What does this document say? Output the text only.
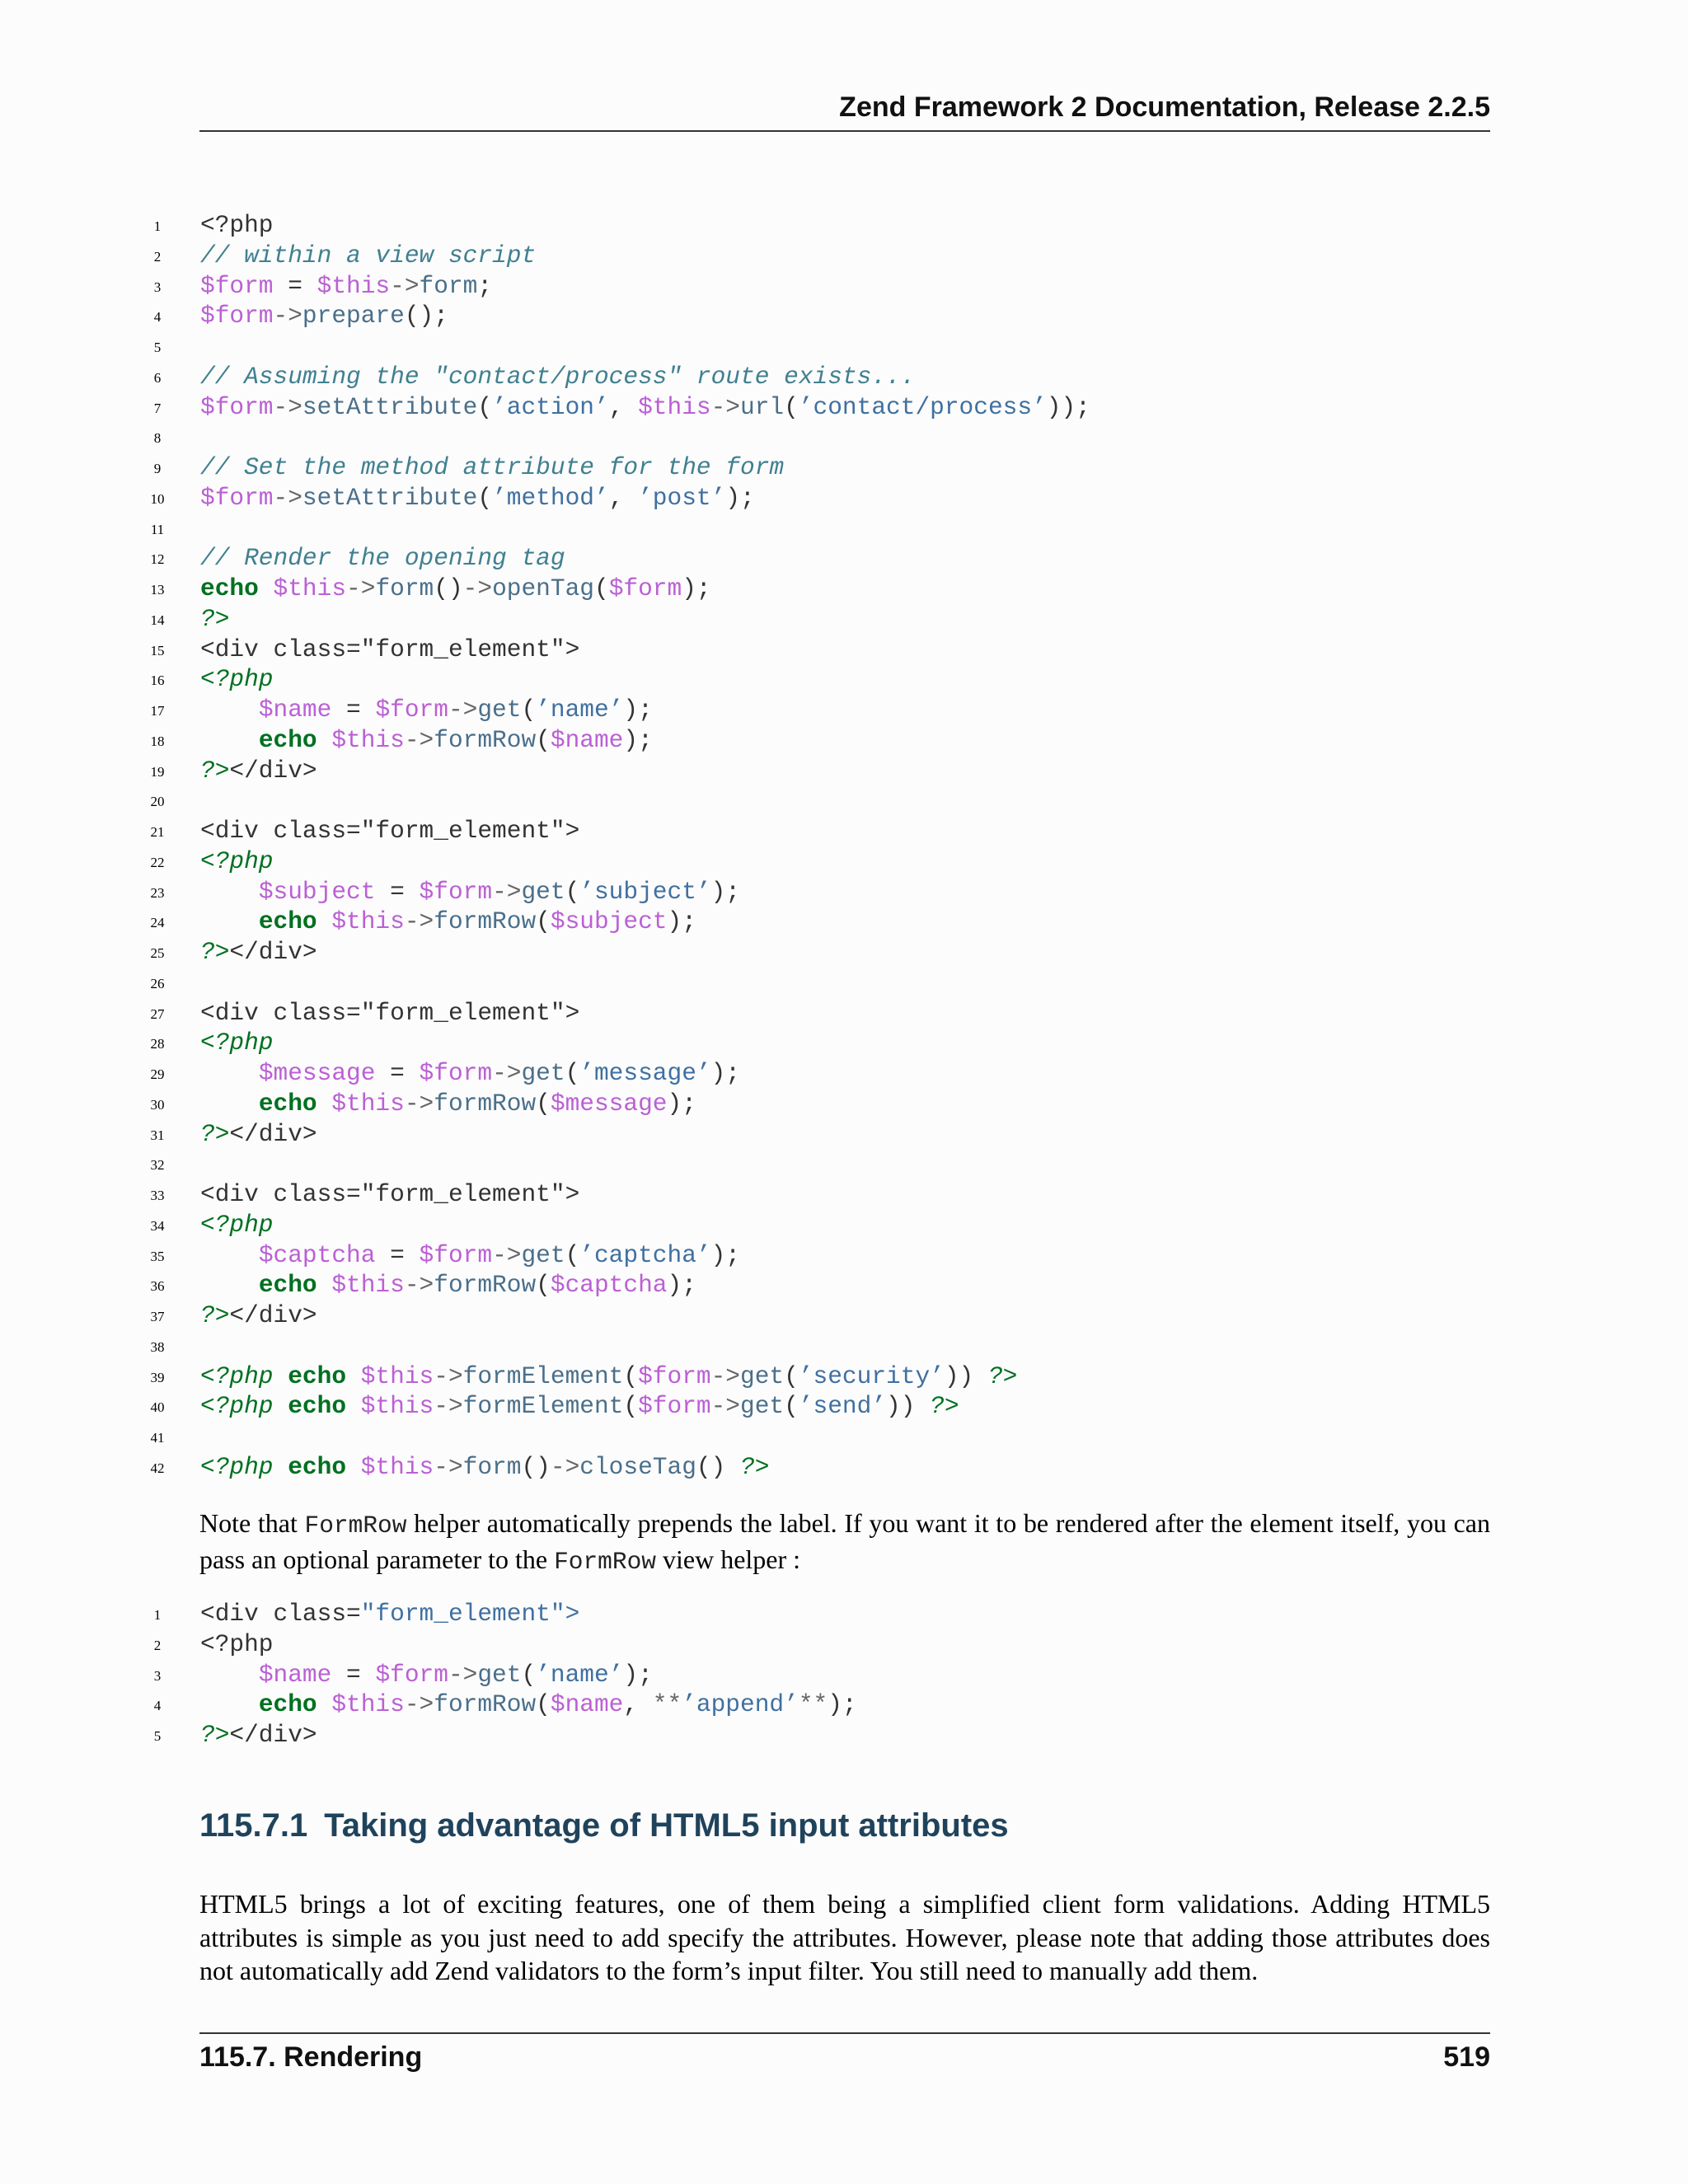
Zend Framework 2 Documentation, Release 2.2.5
1 <?php
2 // within a view script
3 $form = $this->form;
4 $form->prepare();
5
6 // Assuming the "contact/process" route exists...
7 $form->setAttribute(’action’, $this->url(’contact/process’));
8
9 // Set the method attribute for the form
10 $form->setAttribute(’method’, ’post’);
11
12 // Render the opening tag
13 echo $this->form()->openTag($form);
14 ?>
15 <div class="form_element">
16 <?php
17	$name = $form->get(’name’);
18	echo $this->formRow($name);
19 ?></div>
20
21 <div class="form_element">
22 <?php
23	$subject = $form->get(’subject’);
24	echo $this->formRow($subject);
25 ?></div>
26
27 <div class="form_element">
28 <?php
29	$message = $form->get(’message’);
30	echo $this->formRow($message);
31 ?></div>
32
33 <div class="form_element">
34 <?php
35	$captcha = $form->get(’captcha’);
36	echo $this->formRow($captcha);
37 ?></div>
38
39 <?php echo $this->formElement($form->get(’security’)) ?>
40 <?php echo $this->formElement($form->get(’send’)) ?>
41
42 <?php echo $this->form()->closeTag() ?>
Note that FormRow helper automatically prepends the label. If you want it to be rendered after the element itself, you can pass an optional parameter to the FormRow view helper :
1 <div class="form_element">
2 <?php
3	$name = $form->get(’name’);
4	echo $this->formRow($name, **’append’**);
5 ?></div>
115.7.1 Taking advantage of HTML5 input attributes
HTML5 brings a lot of exciting features, one of them being a simplified client form validations. Adding HTML5 attributes is simple as you just need to add specify the attributes. However, please note that adding those attributes does not automatically add Zend validators to the form’s input filter. You still need to manually add them.
115.7. Rendering	519
